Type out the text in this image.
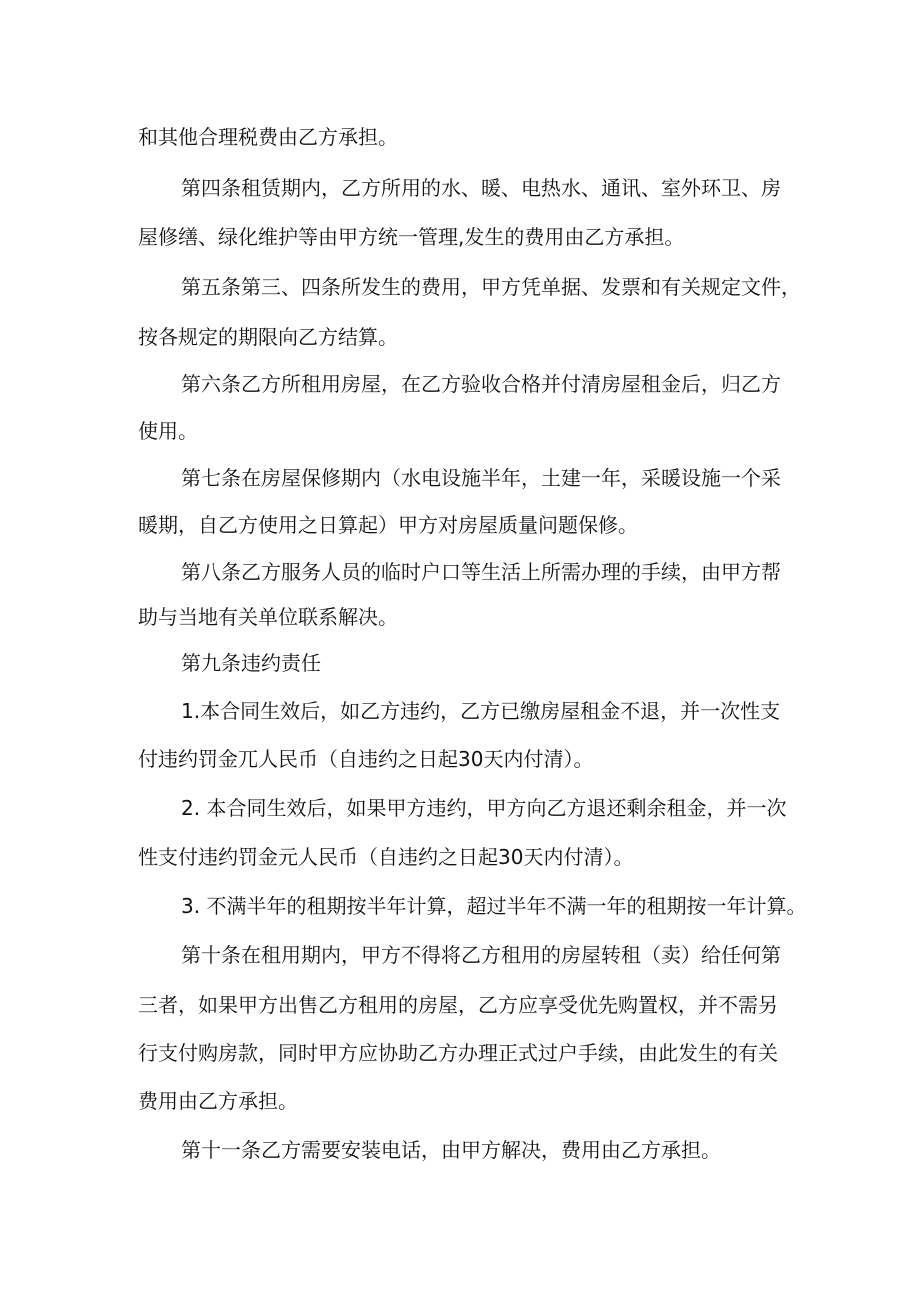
和其他合理税费由乙方承担。

第四条租赁期内，乙方所用的水、暖、电热水、通讯、室外环卫、房

屋修缮、绿化维护等由甲方统一管理,发生的费用由乙方承担。

第五条第三、四条所发生的费用，甲方凭单据、发票和有关规定文件，

按各规定的期限向乙方结算。

第六条乙方所租用房屋，在乙方验收合格并付清房屋租金后，归乙方

使用。

第七条在房屋保修期内（水电设施半年，土建一年，采暖设施一个采

暖期，自乙方使用之日算起）甲方对房屋质量问题保修。

第八条乙方服务人员的临时户口等生活上所需办理的手续，由甲方帮

助与当地有关单位联系解决。

第九条违约责任

1.本合同生效后，如乙方违约，乙方已缴房屋租金不退，并一次性支

付违约罚金兀人民币（自违约之日起30天内付清）。

2. 本合同生效后，如果甲方违约，甲方向乙方退还剩余租金，并一次

性支付违约罚金元人民币（自违约之日起30天内付清）。

3. 不满半年的租期按半年计算，超过半年不满一年的租期按一年计算。

第十条在租用期内，甲方不得将乙方租用的房屋转租（卖）给任何第

三者，如果甲方出售乙方租用的房屋，乙方应享受优先购置权，并不需另

行支付购房款，同时甲方应协助乙方办理正式过户手续，由此发生的有关

费用由乙方承担。

第十一条乙方需要安装电话，由甲方解决，费用由乙方承担。
